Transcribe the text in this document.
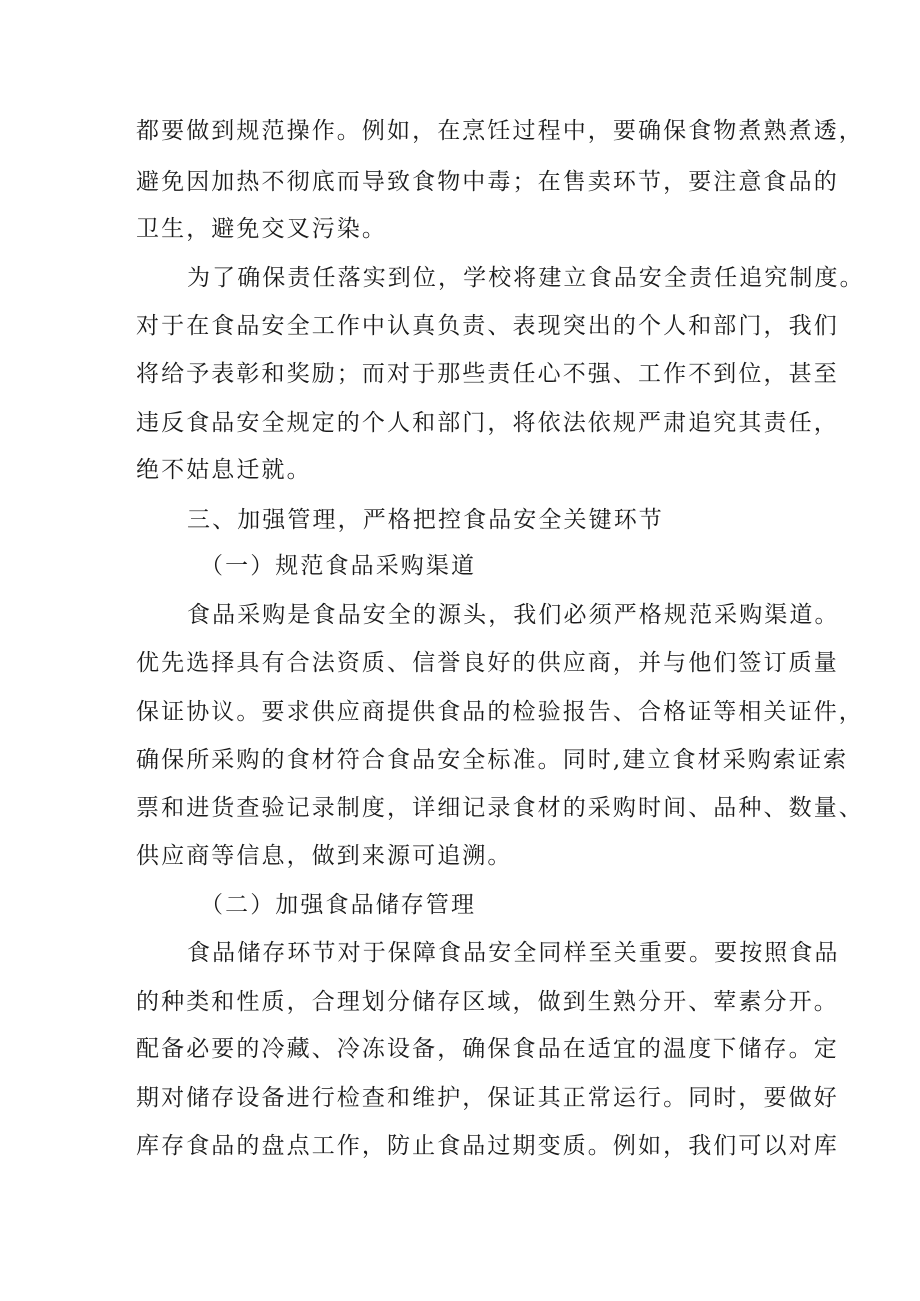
都要做到规范操作。例如，在烹饪过程中，要确保食物煮熟煮透，
避免因加热不彻底而导致食物中毒；在售卖环节，要注意食品的
卫生，避免交叉污染。
为了确保责任落实到位，学校将建立食品安全责任追究制度。
对于在食品安全工作中认真负责、表现突出的个人和部门，我们
将给予表彰和奖励；而对于那些责任心不强、工作不到位，甚至
违反食品安全规定的个人和部门，将依法依规严肃追究其责任，
绝不姑息迁就。
三、加强管理，严格把控食品安全关键环节
（一）规范食品采购渠道
食品采购是食品安全的源头，我们必须严格规范采购渠道。
优先选择具有合法资质、信誉良好的供应商，并与他们签订质量
保证协议。要求供应商提供食品的检验报告、合格证等相关证件，
确保所采购的食材符合食品安全标准。同时,建立食材采购索证索
票和进货查验记录制度，详细记录食材的采购时间、品种、数量、
供应商等信息，做到来源可追溯。
（二）加强食品储存管理
食品储存环节对于保障食品安全同样至关重要。要按照食品
的种类和性质，合理划分储存区域，做到生熟分开、荤素分开。
配备必要的冷藏、冷冻设备，确保食品在适宜的温度下储存。定
期对储存设备进行检查和维护，保证其正常运行。同时，要做好
库存食品的盘点工作，防止食品过期变质。例如，我们可以对库
